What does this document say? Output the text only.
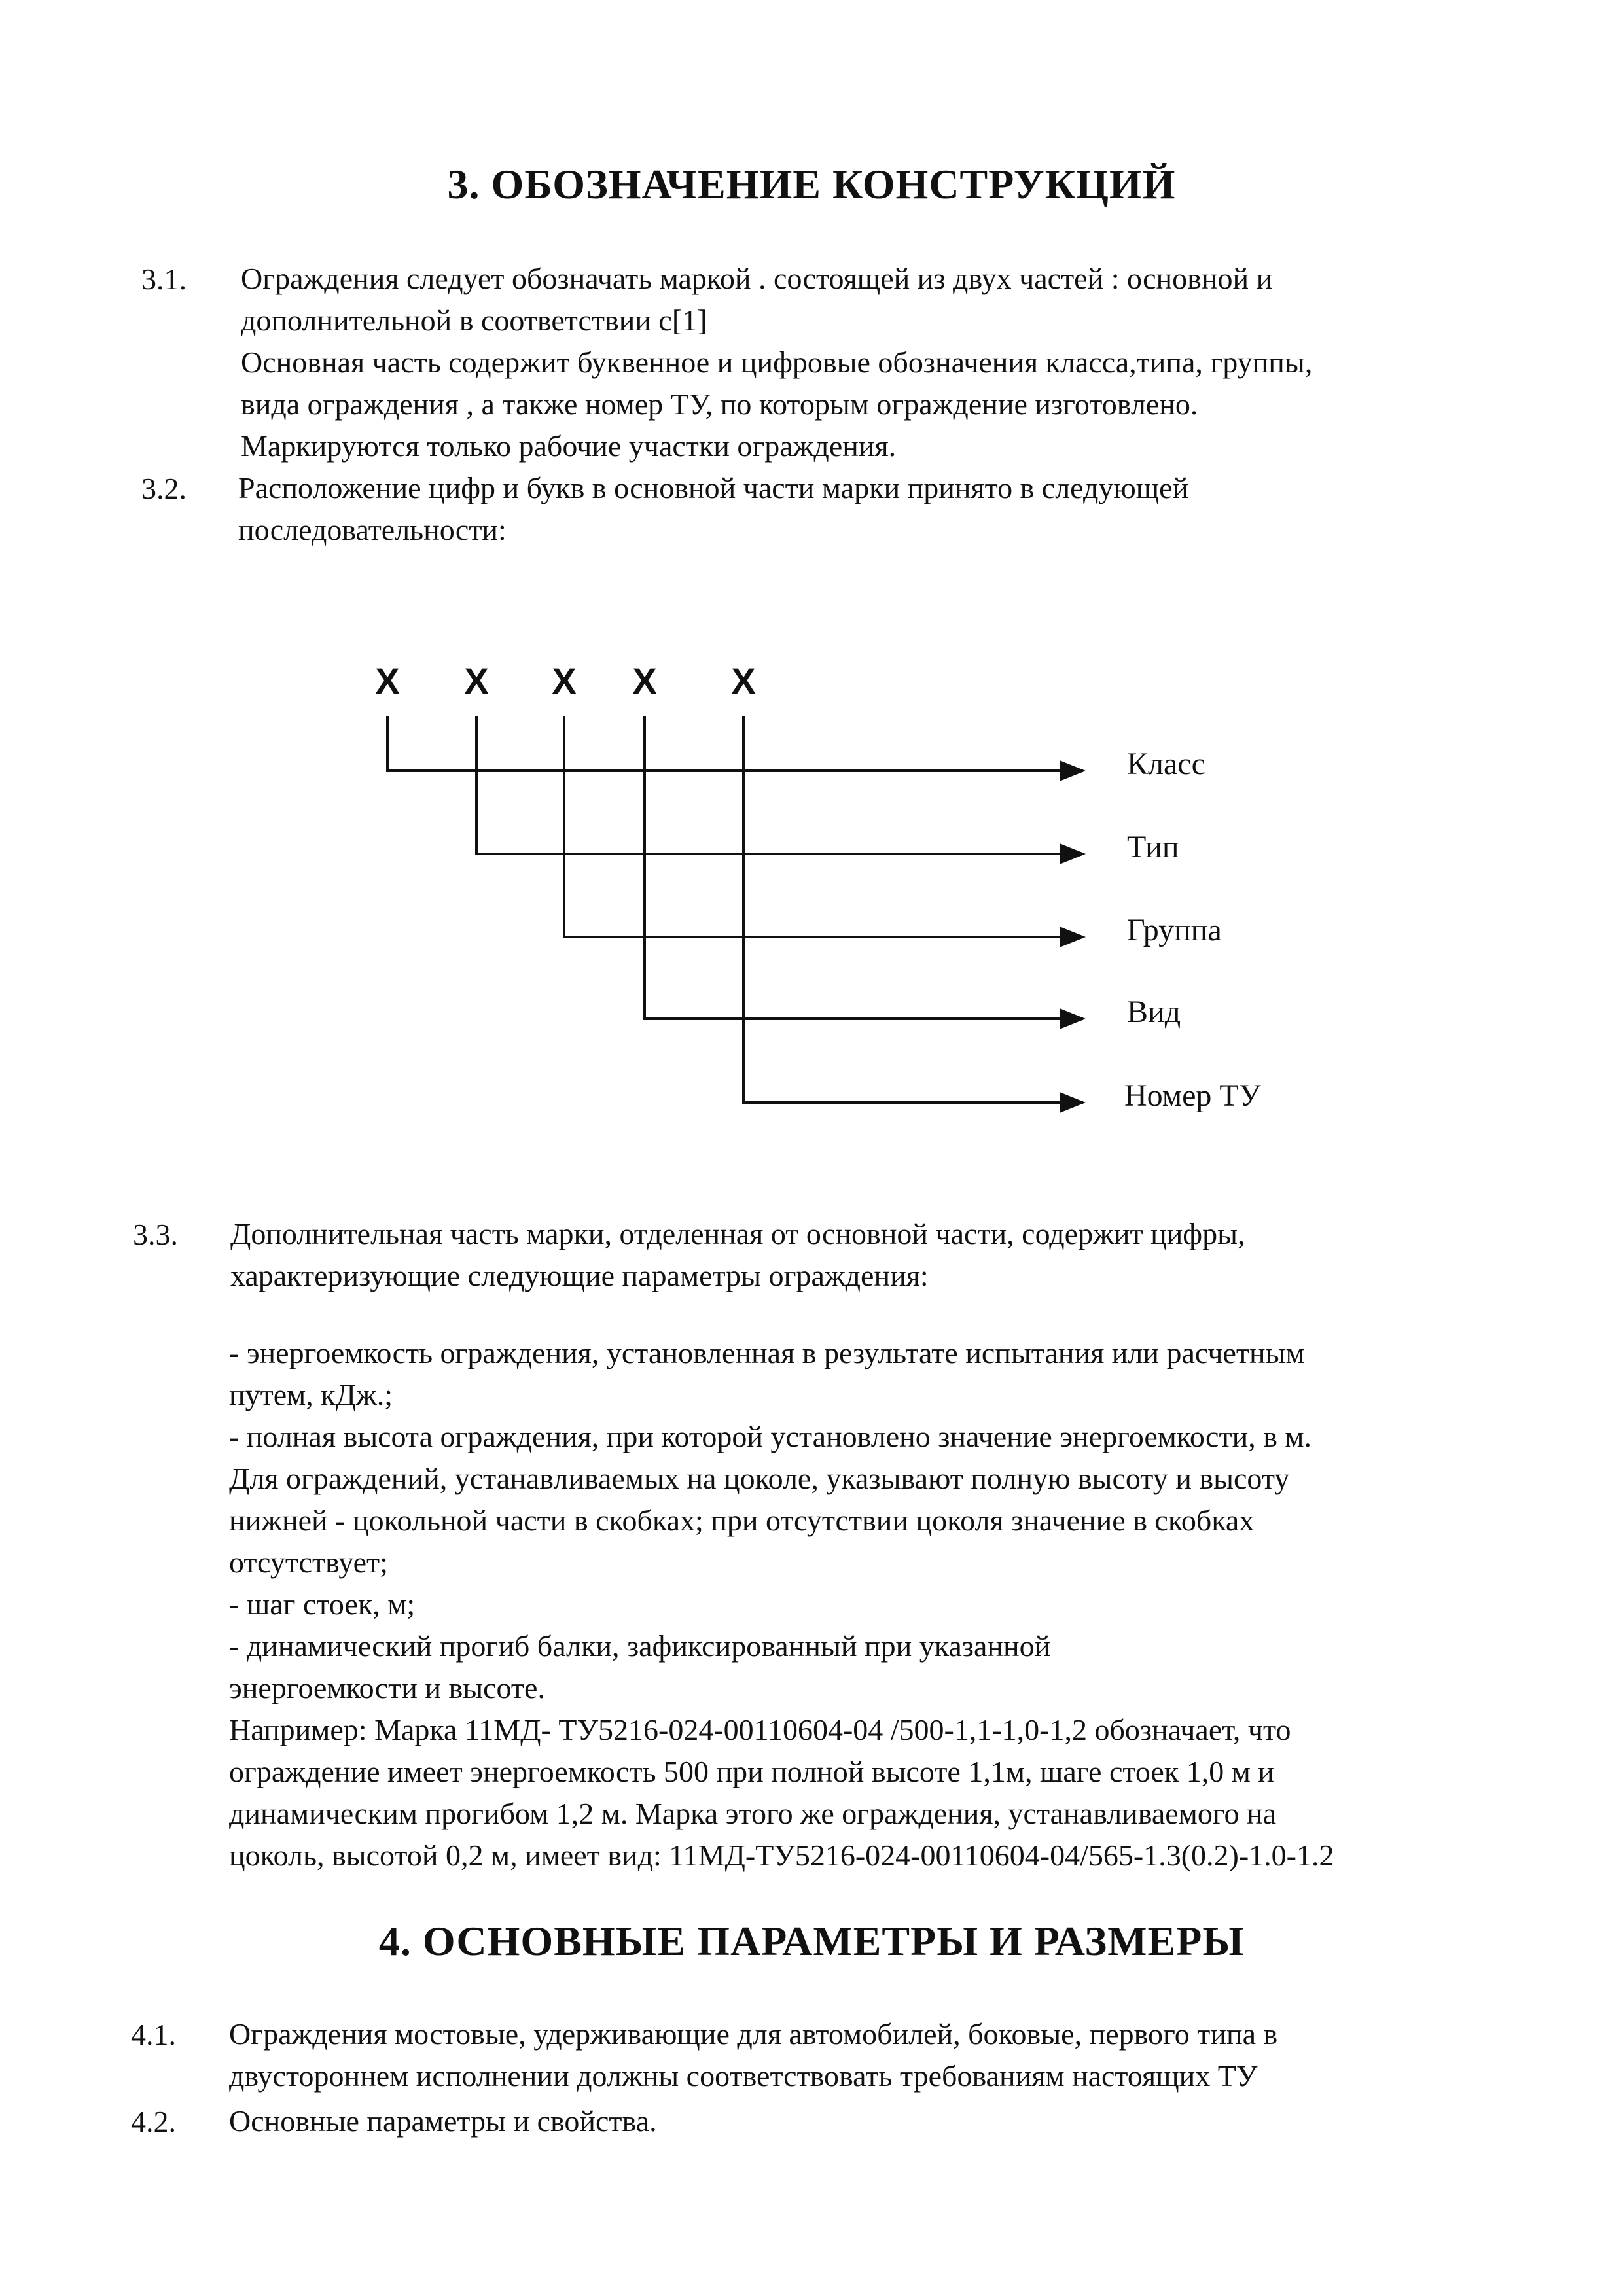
3. ОБОЗНАЧЕНИЕ КОНСТРУКЦИЙ
3.1. Ограждения следует обозначать маркой . состоящей из двух частей : основной и
дополнительной в соответствии с[1]
Основная часть содержит буквенное и цифровые обозначения класса,типа, группы,
вида ограждения , а также номер ТУ, по которым ограждение изготовлено.
Маркируются только рабочие участки ограждения.
3.2. Расположение цифр и букв в основной части марки принято в следующей
последовательности:
X X X X X
Класс
Тип
Группа
Вид
Номер ТУ
3.3. Дополнительная часть марки, отделенная от основной части, содержит цифры,
характеризующие следующие параметры ограждения:
- энергоемкость ограждения, установленная в результате испытания или расчетным
путем, кДж.;
- полная высота ограждения, при которой установлено значение энергоемкости, в м.
Для ограждений, устанавливаемых на цоколе, указывают полную высоту и высоту
нижней - цокольной части в скобках; при отсутствии цоколя значение в скобках
отсутствует;
- шаг стоек, м;
- динамический прогиб балки, зафиксированный при указанной
энергоемкости и высоте.
Например: Марка 11МД- ТУ5216-024-00110604-04 /500-1,1-1,0-1,2 обозначает, что
ограждение имеет энергоемкость 500 при полной высоте 1,1м, шаге стоек 1,0 м и
динамическим прогибом 1,2 м. Марка этого же ограждения, устанавливаемого на
цоколь, высотой 0,2 м, имеет вид: 11МД-ТУ5216-024-00110604-04/565-1.3(0.2)-1.0-1.2
4. ОСНОВНЫЕ ПАРАМЕТРЫ И РАЗМЕРЫ
4.1. Ограждения мостовые, удерживающие для автомобилей, боковые, первого типа в
двустороннем исполнении должны соответствовать требованиям настоящих ТУ
4.2. Основные параметры и свойства.
